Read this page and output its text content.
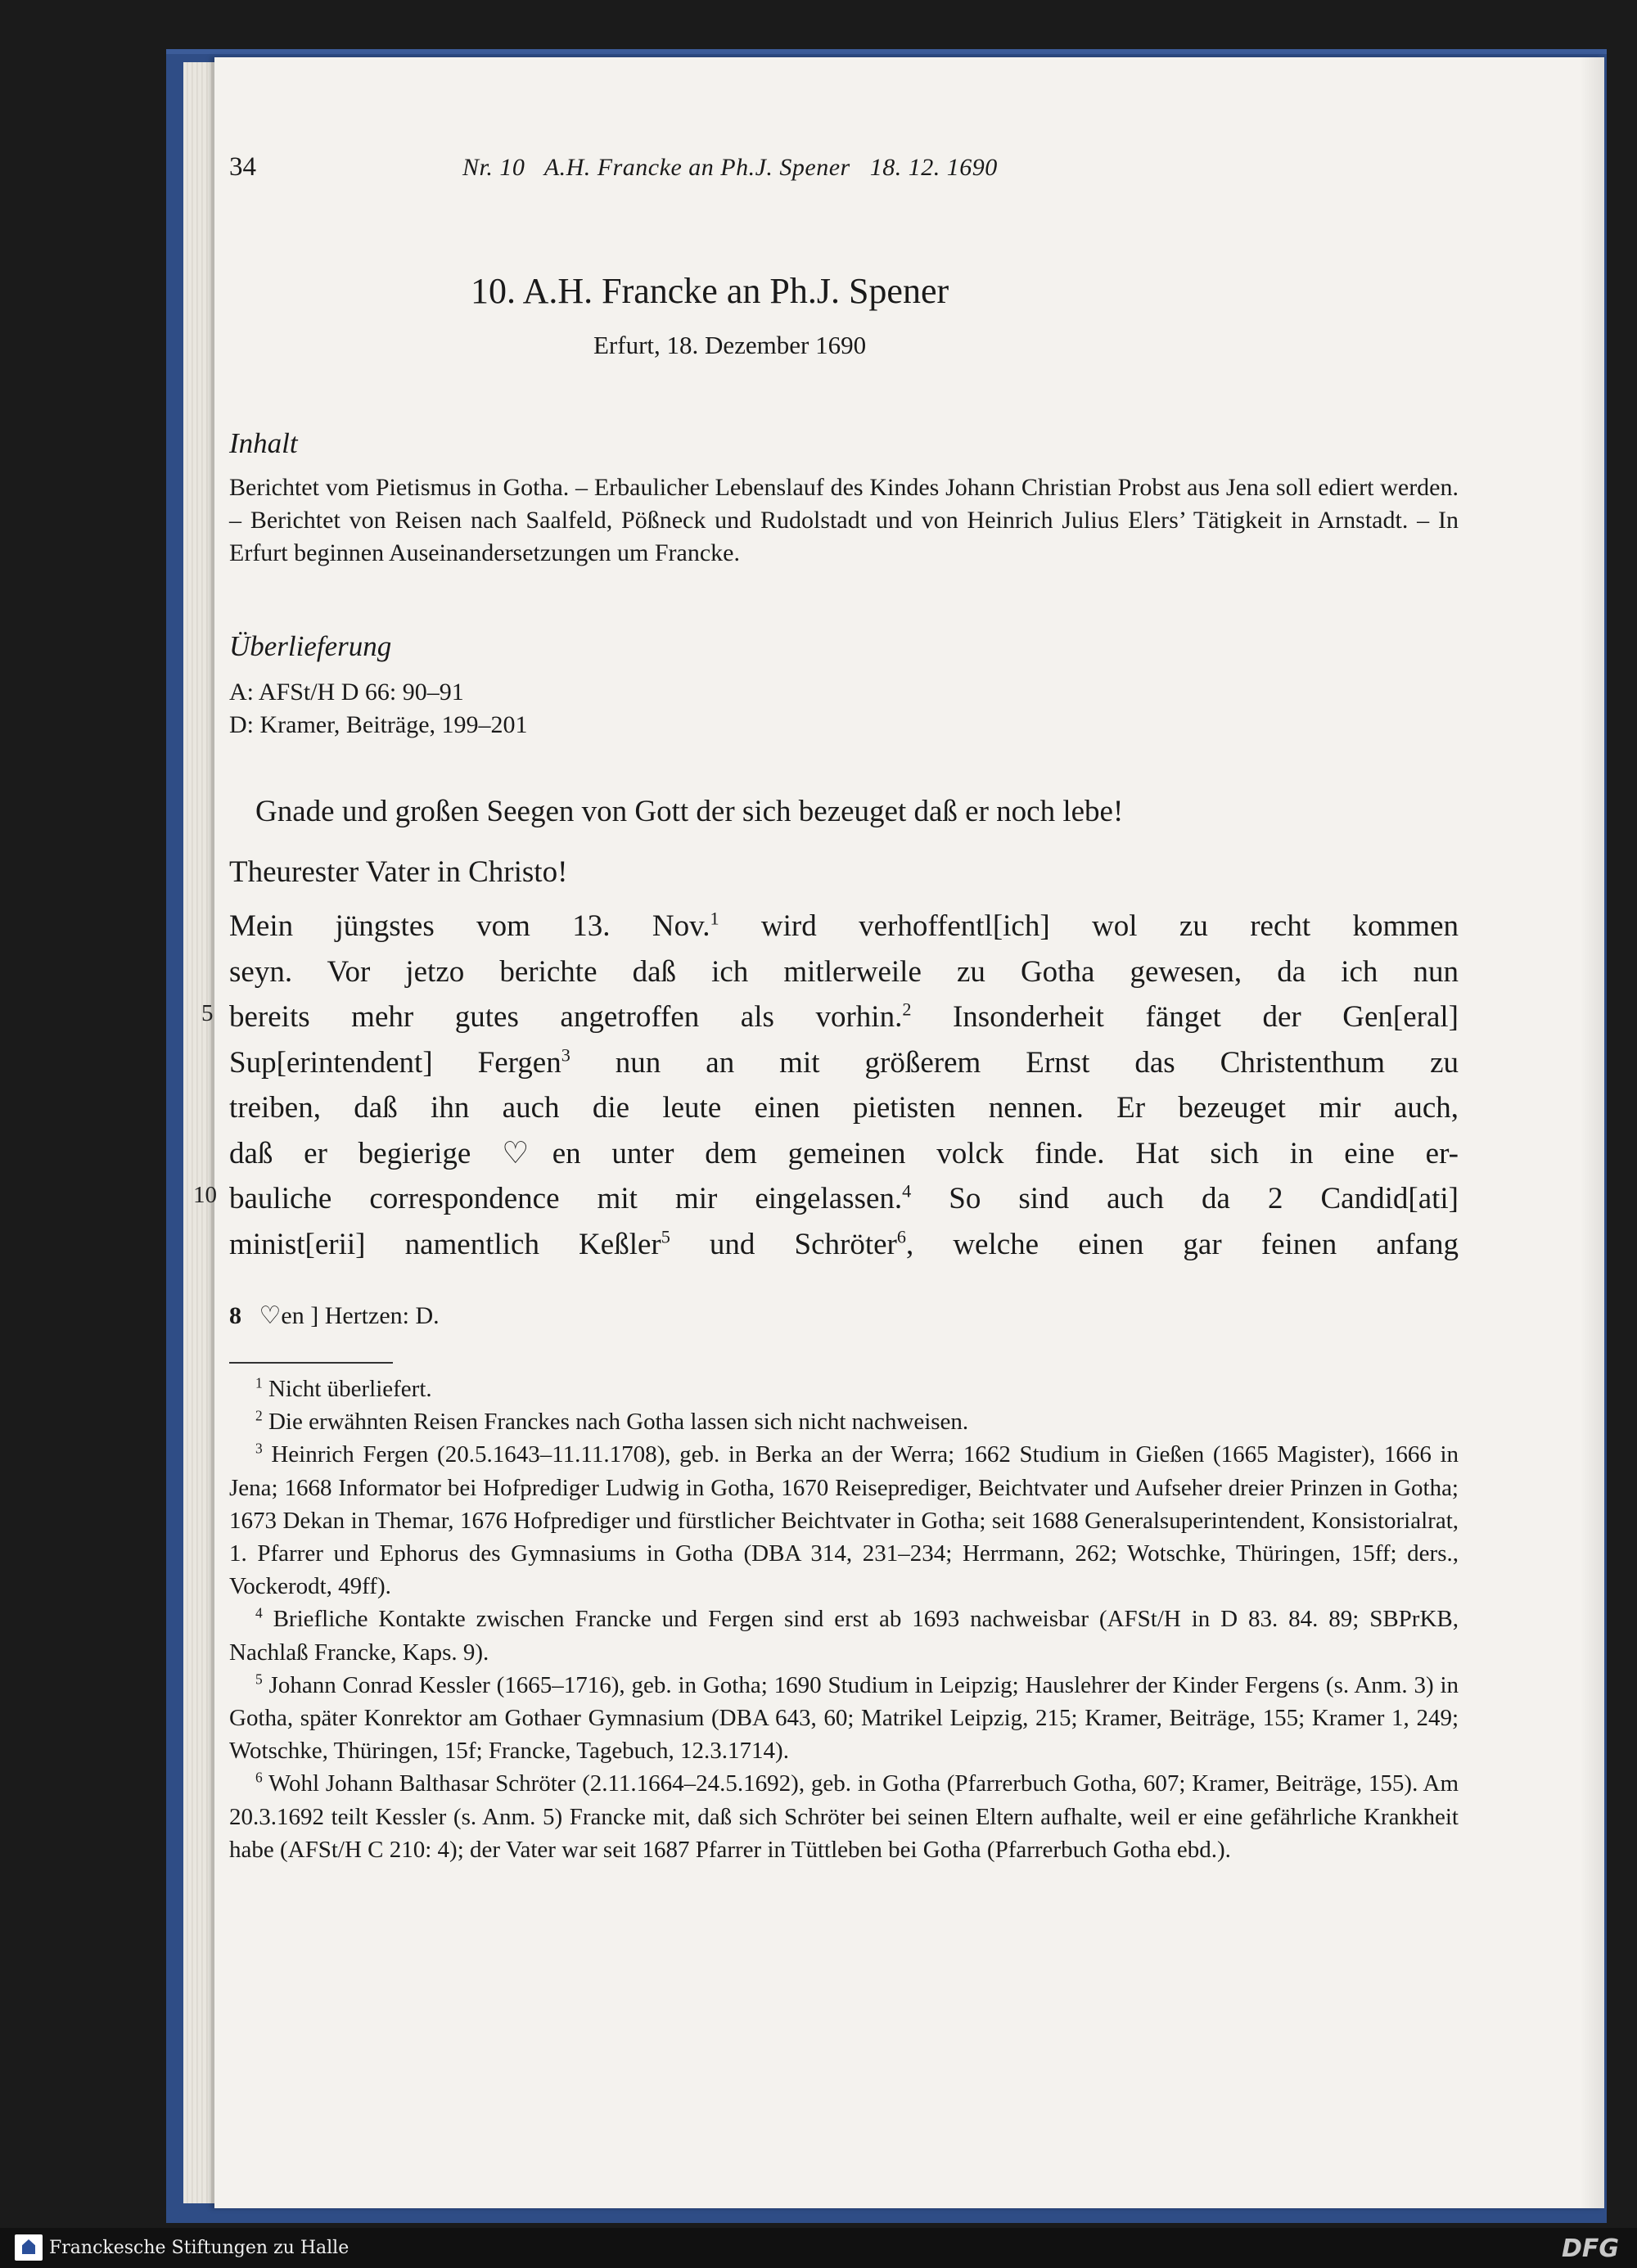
34	Nr. 10   A.H. Francke an Ph.J. Spener   18. 12. 1690
10. A.H. Francke an Ph.J. Spener
Erfurt, 18. Dezember 1690
Inhalt
Berichtet vom Pietismus in Gotha. – Erbaulicher Lebenslauf des Kindes Johann Christian Probst aus Jena soll ediert werden. – Berichtet von Reisen nach Saalfeld, Pößneck und Rudolstadt und von Heinrich Julius Elers’ Tätigkeit in Arnstadt. – In Erfurt beginnen Auseinandersetzungen um Francke.
Überlieferung
A: AFSt/H D 66: 90–91
D: Kramer, Beiträge, 199–201
Gnade und großen Seegen von Gott der sich bezeuget daß er noch lebe!
Theurester Vater in Christo!
Mein jüngstes vom 13. Nov.$^1$ wird verhoffentl[ich] wol zu recht kommen
seyn. Vor jetzo berichte daß ich mitlerweile zu Gotha gewesen, da ich nun
bereits mehr gutes angetroffen als vorhin.$^2$ Insonderheit fänget der Gen[eral]
Sup[erintendent] Fergen$^3$ nun an mit größerem Ernst das Christenthum zu
treiben, daß ihn auch die leute einen pietisten nennen. Er bezeuget mir auch,
daß er begierige ♡en unter dem gemeinen volck finde. Hat sich in eine er-
bauliche correspondence mit mir eingelassen.$^4$ So sind auch da 2 Candid[ati]
minist[erii] namentlich Keßler$^5$ und Schröter$^6$, welche einen gar feinen anfang
5
10
8 ♡en ] Hertzen: D.

$^1$ Nicht überliefert.

$^2$ Die erwähnten Reisen Franckes nach Gotha lassen sich nicht nachweisen.

$^3$ Heinrich Fergen (20.5.1643–11.11.1708), geb. in Berka an der Werra; 1662 Studium in Gießen (1665 Magister), 1666 in Jena; 1668 Informator bei Hofprediger Ludwig in Gotha, 1670 Reiseprediger, Beichtvater und Aufseher dreier Prinzen in Gotha; 1673 Dekan in Themar, 1676 Hofprediger und fürstlicher Beichtvater in Gotha; seit 1688 Generalsuperintendent, Konsistorialrat, 1. Pfarrer und Ephorus des Gymnasiums in Gotha (DBA 314, 231–234; Herrmann, 262; Wotschke, Thüringen, 15ff; ders., Vockerodt, 49ff).

$^4$ Briefliche Kontakte zwischen Francke und Fergen sind erst ab 1693 nachweisbar (AFSt/H in D 83. 84. 89; SBPrKB, Nachlaß Francke, Kaps. 9).

$^5$ Johann Conrad Kessler (1665–1716), geb. in Gotha; 1690 Studium in Leipzig; Hauslehrer der Kinder Fergens (s. Anm. 3) in Gotha, später Konrektor am Gothaer Gymnasium (DBA 643, 60; Matrikel Leipzig, 215; Kramer, Beiträge, 155; Kramer 1, 249; Wotschke, Thüringen, 15f; Francke, Tagebuch, 12.3.1714).

$^6$ Wohl Johann Balthasar Schröter (2.11.1664–24.5.1692), geb. in Gotha (Pfarrerbuch Gotha, 607; Kramer, Beiträge, 155). Am 20.3.1692 teilt Kessler (s. Anm. 5) Francke mit, daß sich Schröter bei seinen Eltern aufhalte, weil er eine gefährliche Krankheit habe (AFSt/H C 210: 4); der Vater war seit 1687 Pfarrer in Tüttleben bei Gotha (Pfarrerbuch Gotha ebd.).

Franckesche Stiftungen zu Halle	DFG
